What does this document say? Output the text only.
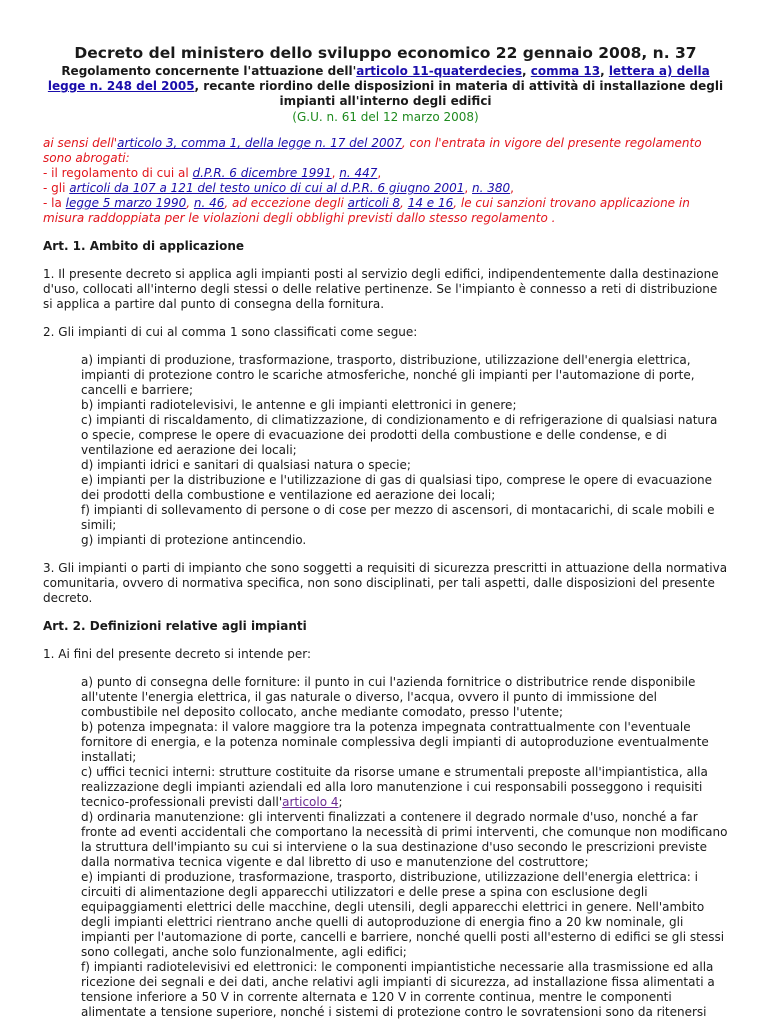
Decreto del ministero dello sviluppo economico 22 gennaio 2008, n. 37

Regolamento concernente l'attuazione dell'articolo 11-quaterdecies, comma 13, lettera a) della legge n. 248 del 2005, recante riordino delle disposizioni in materia di attività di installazione degli impianti all'interno degli edifici

(G.U. n. 61 del 12 marzo 2008)

ai sensi dell'articolo 3, comma 1, della legge n. 17 del 2007, con l'entrata in vigore del presente regolamento sono abrogati:
- il regolamento di cui al d.P.R. 6 dicembre 1991, n. 447,
- gli articoli da 107 a 121 del testo unico di cui al d.P.R. 6 giugno 2001, n. 380,
- la legge 5 marzo 1990, n. 46, ad eccezione degli articoli 8, 14 e 16, le cui sanzioni trovano applicazione in misura raddoppiata per le violazioni degli obblighi previsti dallo stesso regolamento .
Art. 1. Ambito di applicazione

1. Il presente decreto si applica agli impianti posti al servizio degli edifici, indipendentemente dalla destinazione d'uso, collocati all'interno degli stessi o delle relative pertinenze. Se l'impianto è connesso a reti di distribuzione si applica a partire dal punto di consegna della fornitura.

2. Gli impianti di cui al comma 1 sono classificati come segue:

a) impianti di produzione, trasformazione, trasporto, distribuzione, utilizzazione dell'energia elettrica, impianti di protezione contro le scariche atmosferiche, nonché gli impianti per l'automazione di porte, cancelli e barriere;
b) impianti radiotelevisivi, le antenne e gli impianti elettronici in genere;
c) impianti di riscaldamento, di climatizzazione, di condizionamento e di refrigerazione di qualsiasi natura o specie, comprese le opere di evacuazione dei prodotti della combustione e delle condense, e di ventilazione ed aerazione dei locali;
d) impianti idrici e sanitari di qualsiasi natura o specie;
e) impianti per la distribuzione e l'utilizzazione di gas di qualsiasi tipo, comprese le opere di evacuazione dei prodotti della combustione e ventilazione ed aerazione dei locali;
f) impianti di sollevamento di persone o di cose per mezzo di ascensori, di montacarichi, di scale mobili e simili;
g) impianti di protezione antincendio.

3. Gli impianti o parti di impianto che sono soggetti a requisiti di sicurezza prescritti in attuazione della normativa comunitaria, ovvero di normativa specifica, non sono disciplinati, per tali aspetti, dalle disposizioni del presente decreto.

Art. 2. Definizioni relative agli impianti

1. Ai fini del presente decreto si intende per:

a) punto di consegna delle forniture: il punto in cui l'azienda fornitrice o distributrice rende disponibile all'utente l'energia elettrica, il gas naturale o diverso, l'acqua, ovvero il punto di immissione del combustibile nel deposito collocato, anche mediante comodato, presso l'utente;
b) potenza impegnata: il valore maggiore tra la potenza impegnata contrattualmente con l'eventuale fornitore di energia, e la potenza nominale complessiva degli impianti di autoproduzione eventualmente installati;
c) uffici tecnici interni: strutture costituite da risorse umane e strumentali preposte all'impiantistica, alla realizzazione degli impianti aziendali ed alla loro manutenzione i cui responsabili posseggono i requisiti tecnico-professionali previsti dall'articolo 4;
d) ordinaria manutenzione: gli interventi finalizzati a contenere il degrado normale d'uso, nonché a far fronte ad eventi accidentali che comportano la necessità di primi interventi, che comunque non modificano la struttura dell'impianto su cui si interviene o la sua destinazione d'uso secondo le prescrizioni previste dalla normativa tecnica vigente e dal libretto di uso e manutenzione del costruttore;
e) impianti di produzione, trasformazione, trasporto, distribuzione, utilizzazione dell'energia elettrica: i circuiti di alimentazione degli apparecchi utilizzatori e delle prese a spina con esclusione degli equipaggiamenti elettrici delle macchine, degli utensili, degli apparecchi elettrici in genere. Nell'ambito degli impianti elettrici rientrano anche quelli di autoproduzione di energia fino a 20 kw nominale, gli impianti per l'automazione di porte, cancelli e barriere, nonché quelli posti all'esterno di edifici se gli stessi sono collegati, anche solo funzionalmente, agli edifici;
f) impianti radiotelevisivi ed elettronici: le componenti impiantistiche necessarie alla trasmissione ed alla ricezione dei segnali e dei dati, anche relativi agli impianti di sicurezza, ad installazione fissa alimentati a tensione inferiore a 50 V in corrente alternata e 120 V in corrente continua, mentre le componenti alimentate a tensione superiore, nonché i sistemi di protezione contro le sovratensioni sono da ritenersi
